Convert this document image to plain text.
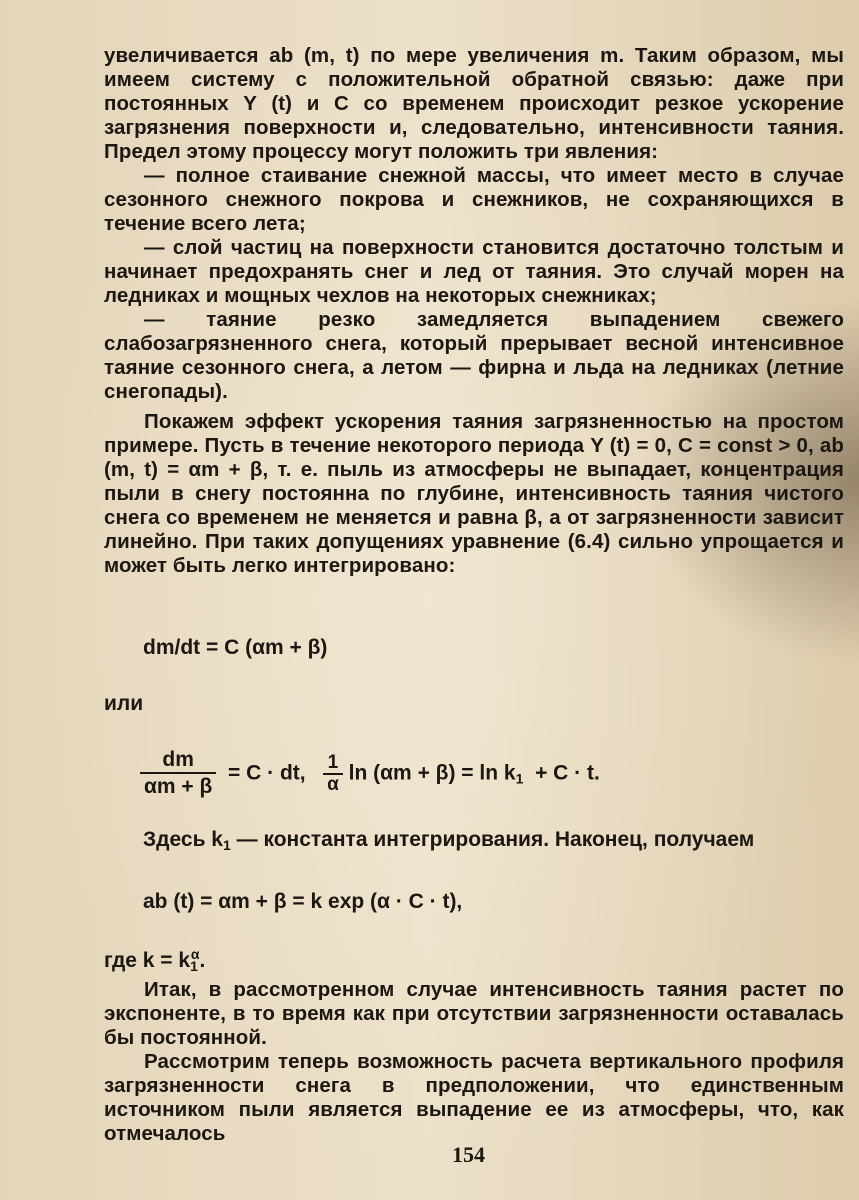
увеличивается ab (m, t) по мере увеличения m. Таким образом, мы имеем систему с положительной обратной связью: даже при постоянных Y (t) и C со временем происходит резкое ускорение загрязнения поверхности и, следовательно, интенсивности таяния. Предел этому процессу могут положить три явления:

— полное стаивание снежной массы, что имеет место в случае сезонного снежного покрова и снежников, не сохраняющихся в течение всего лета;

— слой частиц на поверхности становится достаточно толстым и начинает предохранять снег и лед от таяния. Это случай морен на ледниках и мощных чехлов на некоторых снежниках;

— таяние резко замедляется выпадением свежего слабозагрязненного снега, который прерывает весной интенсивное таяние сезонного снега, а летом — фирна и льда на ледниках (летние снегопады).

Покажем эффект ускорения таяния загрязненностью на простом примере. Пусть в течение некоторого периода Y (t) = 0, C = const > 0, ab (m, t) = αm + β, т. е. пыль из атмосферы не выпадает, концентрация пыли в снегу постоянна по глубине, интенсивность таяния чистого снега со временем не меняется и равна β, а от загрязненности зависит линейно. При таких допущениях уравнение (6.4) сильно упрощается и может быть легко интегрировано:

dm/dt = C (αm + β)
или
$\frac{dm}{\alpha m + \beta} = C$ · dt, $\frac{1}{\alpha}$ $\ln (\alpha m + \beta) = \ln k_1 + C \cdot t$.
Здесь $k_1$ — константа интегрирования. Наконец, получаем
ab (t) = αm + β = k exp (α · C · t),
где $k = k_1^\alpha$.

Итак, в рассмотренном случае интенсивность таяния растет по экспоненте, в то время как при отсутствии загрязненности оставалась бы постоянной.

Рассмотрим теперь возможность расчета вертикального профиля загрязненности снега в предположении, что единственным источником пыли является выпадение ее из атмосферы, что, как отмечалось

154
